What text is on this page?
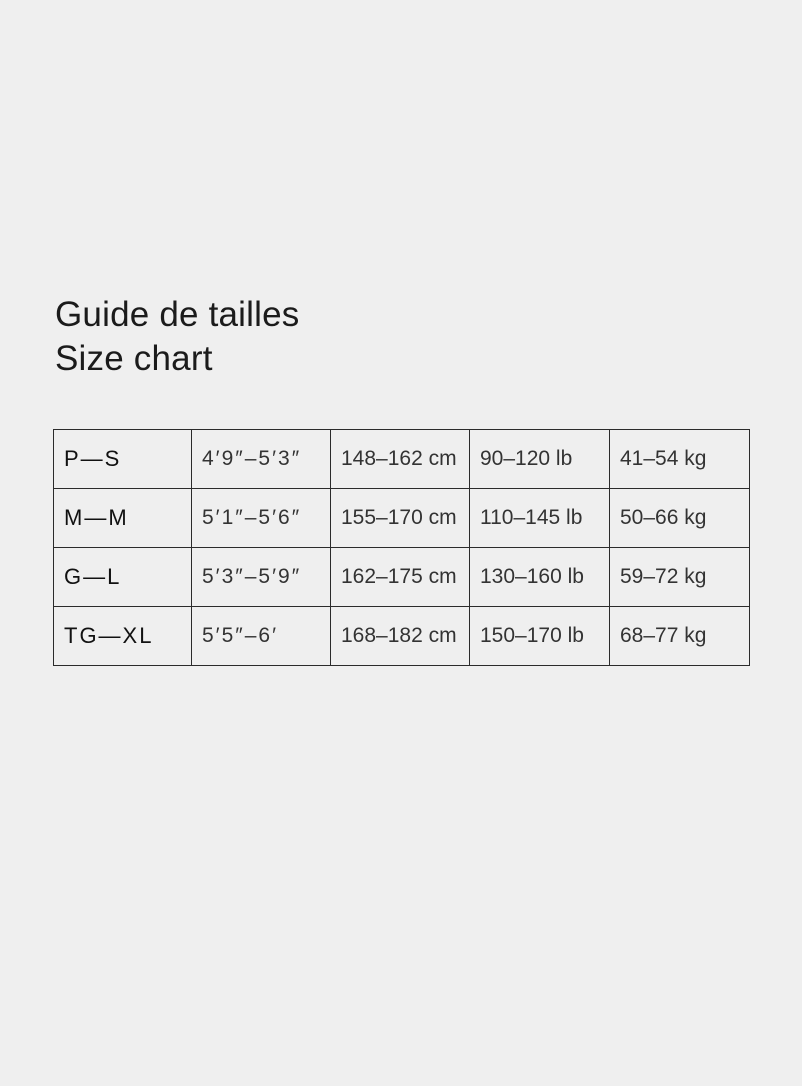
Guide de tailles
Size chart
P—S	4′9″–5′3″	148–162 cm	90–120 lb	41–54 kg
M—M	5′1″–5′6″	155–170 cm	110–145 lb	50–66 kg
G—L	5′3″–5′9″	162–175 cm	130–160 lb	59–72 kg
TG—XL	5′5″–6′	168–182 cm	150–170 lb	68–77 kg
